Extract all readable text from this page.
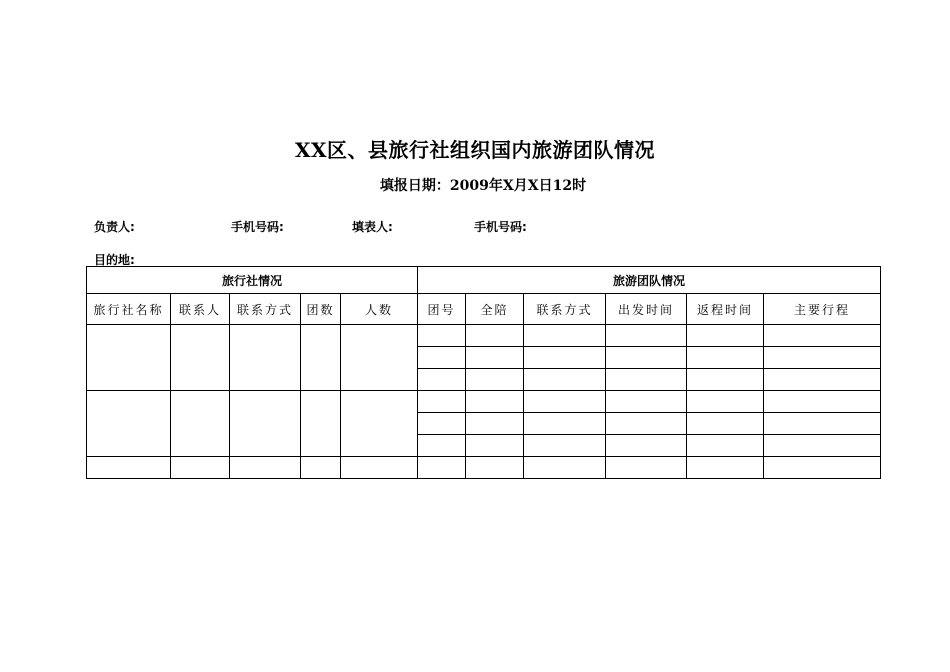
XX区、县旅行社组织国内旅游团队情况
填报日期：2009年X月X日12时
负责人:	手机号码:	填表人:	手机号码:
目的地:
旅行社情况					旅游团队情况					
旅行社名称	联系人	联系方式	团数	人数	团号	全陪	联系方式	出发时间	返程时间	主要行程
